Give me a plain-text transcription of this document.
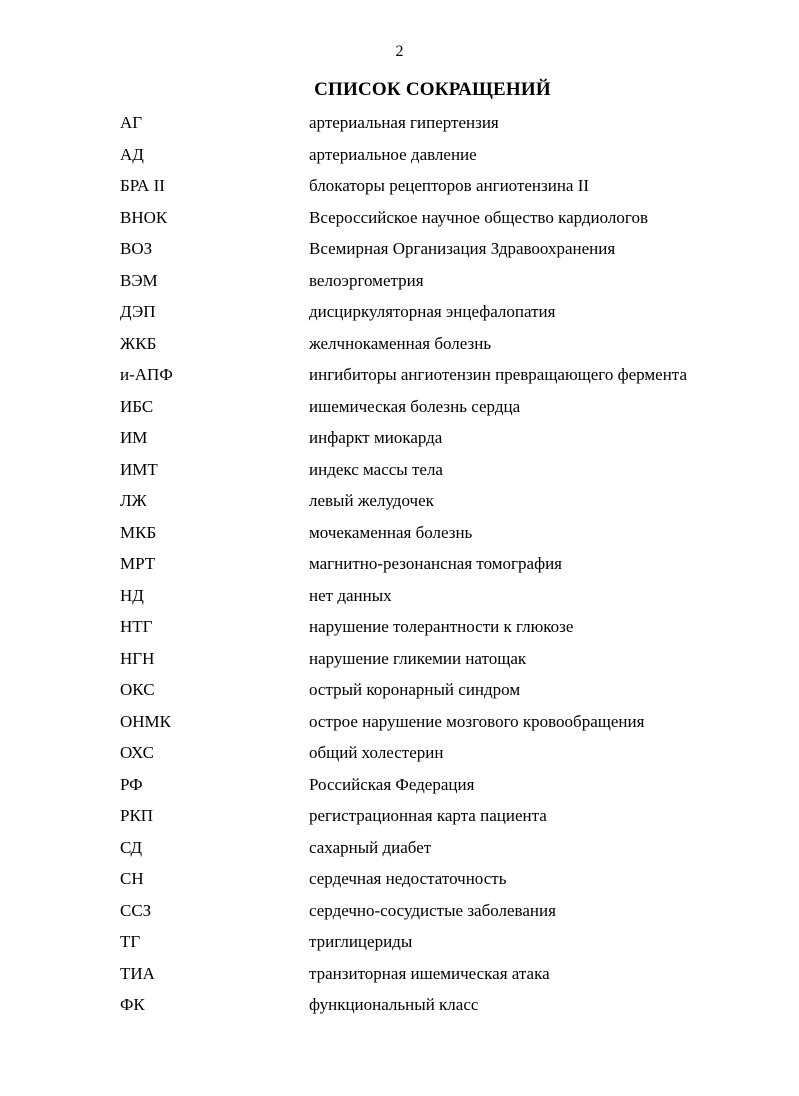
2
СПИСОК СОКРАЩЕНИЙ
АГ	артериальная гипертензия
АД	артериальное давление
БРА II	блокаторы рецепторов ангиотензина II
ВНОК	Всероссийское научное общество кардиологов
ВОЗ	Всемирная Организация Здравоохранения
ВЭМ	велоэргометрия
ДЭП	дисциркуляторная энцефалопатия
ЖКБ	желчнокаменная болезнь
и-АПФ	ингибиторы ангиотензин превращающего фермента
ИБС	ишемическая болезнь сердца
ИМ	инфаркт миокарда
ИМТ	индекс массы тела
ЛЖ	левый желудочек
МКБ	мочекаменная болезнь
МРТ	магнитно-резонансная томография
НД	нет данных
НТГ	нарушение толерантности к глюкозе
НГН	нарушение гликемии натощак
ОКС	острый коронарный синдром
ОНМК	острое нарушение мозгового кровообращения
ОХС	общий холестерин
РФ	Российская Федерация
РКП	регистрационная карта пациента
СД	сахарный диабет
СН	сердечная недостаточность
ССЗ	сердечно-сосудистые заболевания
ТГ	триглицериды
ТИА	транзиторная ишемическая атака
ФК	функциональный класс
